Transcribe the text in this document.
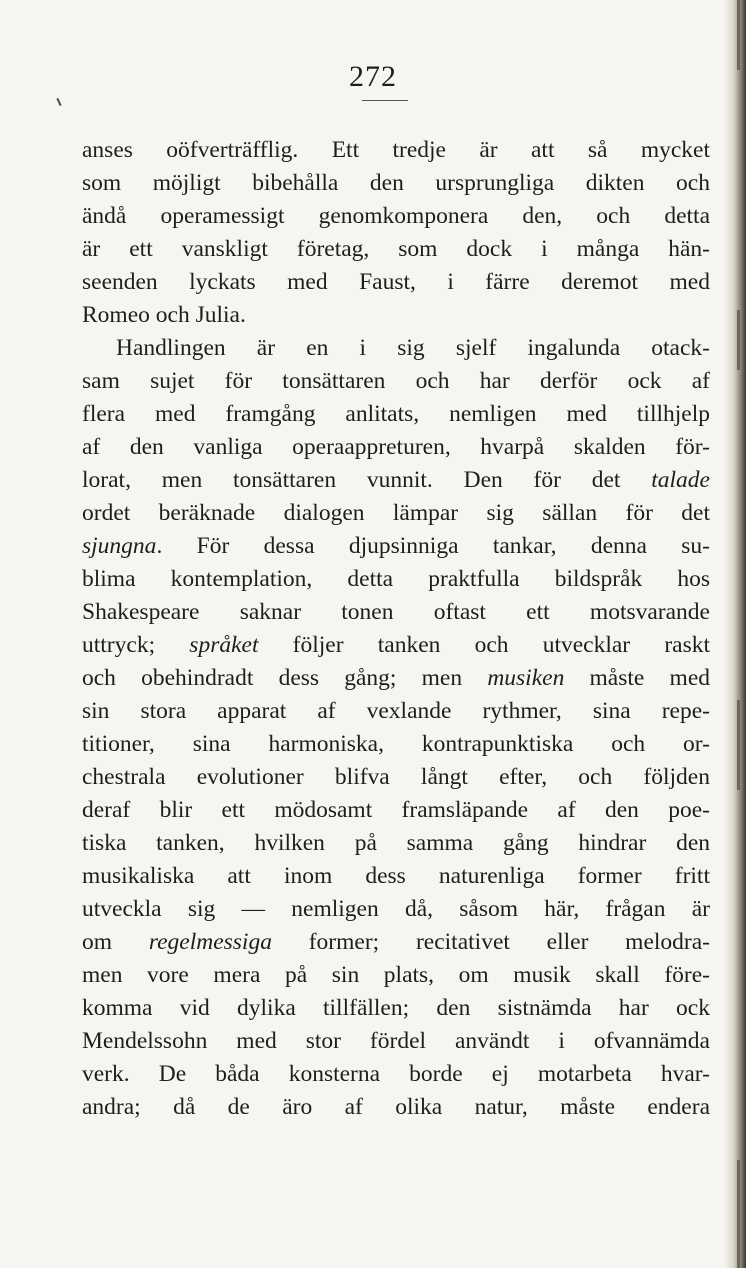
272
anses oöfverträfflig. Ett tredje är att så mycket
som möjligt bibehålla den ursprungliga dikten och
ändå operamessigt genomkomponera den, och detta
är ett vanskligt företag, som dock i många hän-
seenden lyckats med Faust, i färre deremot med
Romeo och Julia.
Handlingen är en i sig sjelf ingalunda otack-
sam sujet för tonsättaren och har derför ock af
flera med framgång anlitats, nemligen med tillhjelp
af den vanliga operaappreturen, hvarpå skalden för-
lorat, men tonsättaren vunnit. Den för det talade
ordet beräknade dialogen lämpar sig sällan för det
sjungna. För dessa djupsinniga tankar, denna su-
blima kontemplation, detta praktfulla bildspråk hos
Shakespeare saknar tonen oftast ett motsvarande
uttryck; språket följer tanken och utvecklar raskt
och obehindradt dess gång; men musiken måste med
sin stora apparat af vexlande rythmer, sina repe-
titioner, sina harmoniska, kontrapunktiska och or-
chestrala evolutioner blifva långt efter, och följden
deraf blir ett mödosamt framsläpande af den poe-
tiska tanken, hvilken på samma gång hindrar den
musikaliska att inom dess naturenliga former fritt
utveckla sig — nemligen då, såsom här, frågan är
om regelmessiga former; recitativet eller melodra-
men vore mera på sin plats, om musik skall före-
komma vid dylika tillfällen; den sistnämda har ock
Mendelssohn med stor fördel användt i ofvannämda
verk. De båda konsterna borde ej motarbeta hvar-
andra; då de äro af olika natur, måste endera
